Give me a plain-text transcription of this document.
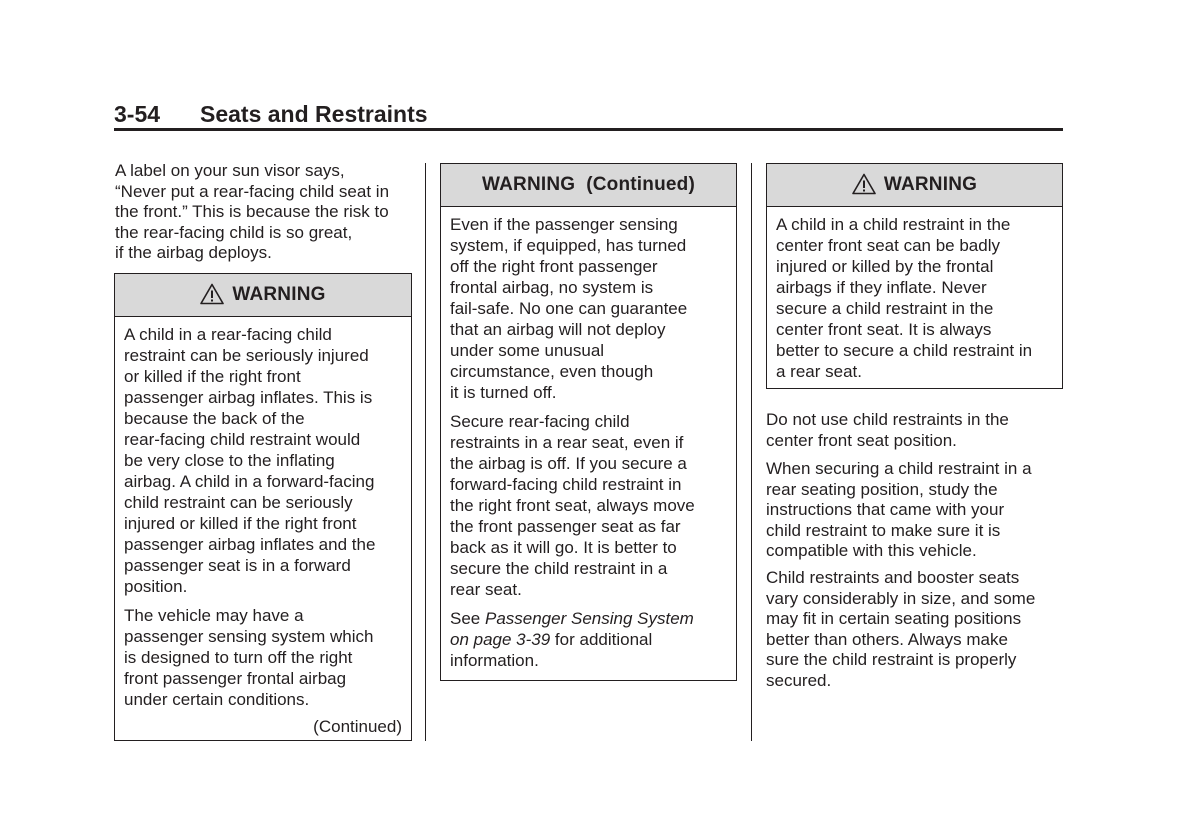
3-54 Seats and Restraints
A label on your sun visor says,
“Never put a rear-facing child seat in
the front.” This is because the risk to
the rear-facing child is so great,
if the airbag deploys.
WARNING
A child in a rear-facing child
restraint can be seriously injured
or killed if the right front
passenger airbag inflates. This is
because the back of the
rear-facing child restraint would
be very close to the inflating
airbag. A child in a forward-facing
child restraint can be seriously
injured or killed if the right front
passenger airbag inflates and the
passenger seat is in a forward
position.
The vehicle may have a
passenger sensing system which
is designed to turn off the right
front passenger frontal airbag
under certain conditions.
(Continued)
WARNING  (Continued)
Even if the passenger sensing
system, if equipped, has turned
off the right front passenger
frontal airbag, no system is
fail-safe. No one can guarantee
that an airbag will not deploy
under some unusual
circumstance, even though
it is turned off.
Secure rear-facing child
restraints in a rear seat, even if
the airbag is off. If you secure a
forward-facing child restraint in
the right front seat, always move
the front passenger seat as far
back as it will go. It is better to
secure the child restraint in a
rear seat.
See Passenger Sensing System
on page 3-39 for additional
information.
WARNING
A child in a child restraint in the
center front seat can be badly
injured or killed by the frontal
airbags if they inflate. Never
secure a child restraint in the
center front seat. It is always
better to secure a child restraint in
a rear seat.
Do not use child restraints in the
center front seat position.
When securing a child restraint in a
rear seating position, study the
instructions that came with your
child restraint to make sure it is
compatible with this vehicle.
Child restraints and booster seats
vary considerably in size, and some
may fit in certain seating positions
better than others. Always make
sure the child restraint is properly
secured.
